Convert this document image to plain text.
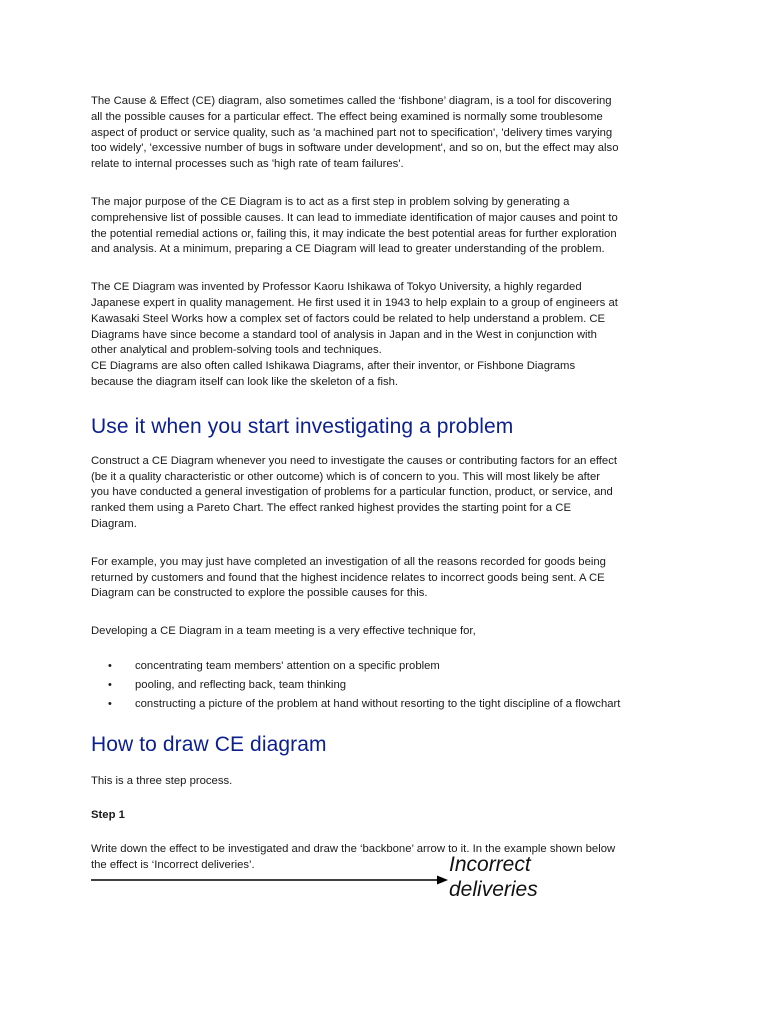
The Cause & Effect (CE) diagram, also sometimes called the ‘fishbone’ diagram, is a tool for discovering
all the possible causes for a particular effect. The effect being examined is normally some troublesome
aspect of product or service quality, such as 'a machined part not to specification', 'delivery times varying
too widely', 'excessive number of bugs in software under development', and so on, but the effect may also
relate to internal processes such as 'high rate of team failures'.

The major purpose of the CE Diagram is to act as a first step in problem solving by generating a
comprehensive list of possible causes. It can lead to immediate identification of major causes and point to
the potential remedial actions or, failing this, it may indicate the best potential areas for further exploration
and analysis. At a minimum, preparing a CE Diagram will lead to greater understanding of the problem.

The CE Diagram was invented by Professor Kaoru Ishikawa of Tokyo University, a highly regarded
Japanese expert in quality management. He first used it in 1943 to help explain to a group of engineers at
Kawasaki Steel Works how a complex set of factors could be related to help understand a problem. CE
Diagrams have since become a standard tool of analysis in Japan and in the West in conjunction with
other analytical and problem-solving tools and techniques.
CE Diagrams are also often called Ishikawa Diagrams, after their inventor, or Fishbone Diagrams
because the diagram itself can look like the skeleton of a fish.

Use it when you start investigating a problem

Construct a CE Diagram whenever you need to investigate the causes or contributing factors for an effect
(be it a quality characteristic or other outcome) which is of concern to you. This will most likely be after
you have conducted a general investigation of problems for a particular function, product, or service, and
ranked them using a Pareto Chart. The effect ranked highest provides the starting point for a CE
Diagram.

For example, you may just have completed an investigation of all the reasons recorded for goods being
returned by customers and found that the highest incidence relates to incorrect goods being sent. A CE
Diagram can be constructed to explore the possible causes for this.

Developing a CE Diagram in a team meeting is a very effective technique for,

• concentrating team members' attention on a specific problem
• pooling, and reflecting back, team thinking
• constructing a picture of the problem at hand without resorting to the tight discipline of a flowchart
How to draw CE diagram

This is a three step process.

Step 1

Write down the effect to be investigated and draw the ‘backbone’ arrow to it. In the example shown below
the effect is ‘Incorrect deliveries’.	Incorrect
deliveries
